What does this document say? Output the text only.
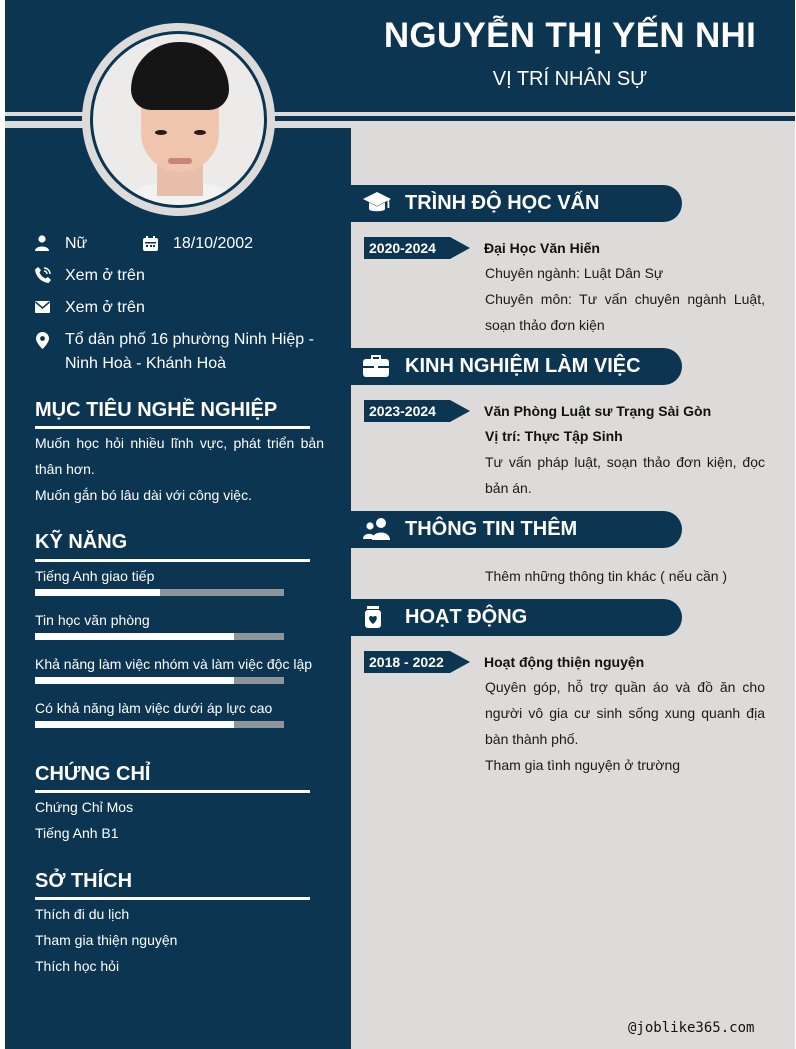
NGUYỄN THỊ YẾN NHI
VỊ TRÍ NHÂN SỰ
Nữ	18/10/2002
Xem ở trên
Xem ở trên
Tổ dân phố 16 phường Ninh Hiệp - Ninh Hoà - Khánh Hoà
MỤC TIÊU NGHỀ NGHIỆP
Muốn học hỏi nhiều lĩnh vực, phát triển bản thân hơn.
Muốn gắn bó lâu dài với công việc.
KỸ NĂNG
Tiếng Anh giao tiếp
Tin học văn phòng
Khả năng làm việc nhóm và làm việc độc lập
Có khả năng làm việc dưới áp lực cao
CHỨNG CHỈ
Chứng Chỉ Mos
Tiếng Anh B1
SỞ THÍCH
Thích đi du lịch
Tham gia thiện nguyện
Thích học hỏi
TRÌNH ĐỘ HỌC VẤN
2020-2024	Đại Học Văn Hiến
Chuyên ngành: Luật Dân Sự
Chuyên môn: Tư vấn chuyên ngành Luật, soạn thảo đơn kiện
KINH NGHIỆM LÀM VIỆC
2023-2024	Văn Phòng Luật sư Trạng Sài Gòn
Vị trí: Thực Tập Sinh
Tư vấn pháp luật, soạn thảo đơn kiện, đọc bản án.
THÔNG TIN THÊM
Thêm những thông tin khác ( nếu cần )
HOẠT ĐỘNG
2018 - 2022	Hoạt động thiện nguyện
Quyên góp, hỗ trợ quần áo và đồ ăn cho người vô gia cư sinh sống xung quanh địa bàn thành phố.
Tham gia tình nguyện ở trường
@joblike365.com
